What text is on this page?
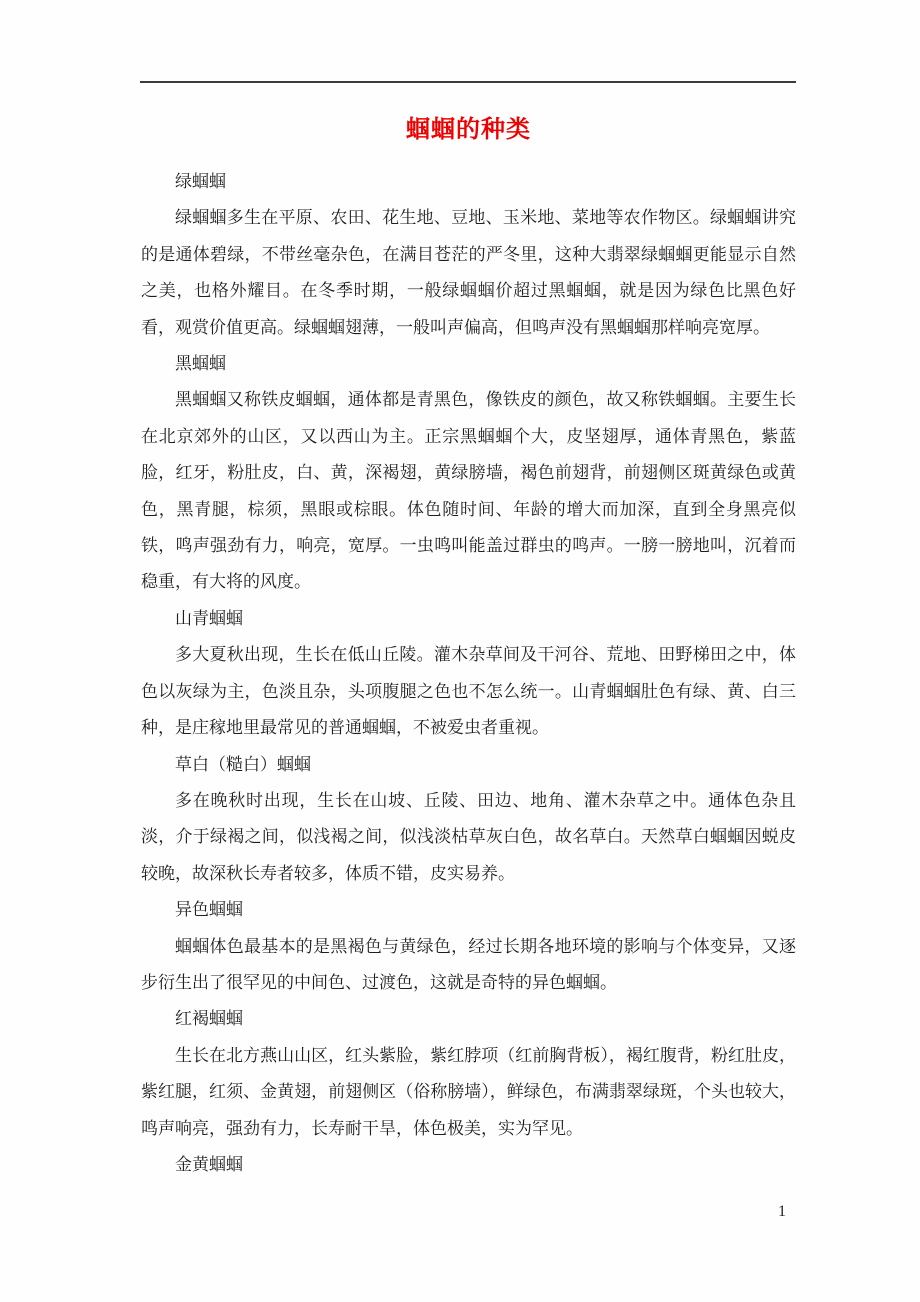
蝈蝈的种类
绿蝈蝈

绿蝈蝈多生在平原、农田、花生地、豆地、玉米地、菜地等农作物区。绿蝈蝈讲究的是通体碧绿，不带丝毫杂色，在满目苍茫的严冬里，这种大翡翠绿蝈蝈更能显示自然之美，也格外耀目。在冬季时期，一般绿蝈蝈价超过黑蝈蝈，就是因为绿色比黑色好看，观赏价值更高。绿蝈蝈翅薄，一般叫声偏高，但鸣声没有黑蝈蝈那样响亮宽厚。

黑蝈蝈

黑蝈蝈又称铁皮蝈蝈，通体都是青黑色，像铁皮的颜色，故又称铁蝈蝈。主要生长在北京郊外的山区，又以西山为主。正宗黑蝈蝈个大，皮坚翅厚，通体青黑色，紫蓝脸，红牙，粉肚皮，白、黄，深褐翅，黄绿膀墙，褐色前翅背，前翅侧区斑黄绿色或黄色，黑青腿，棕须，黑眼或棕眼。体色随时间、年龄的增大而加深，直到全身黑亮似铁，鸣声强劲有力，响亮，宽厚。一虫鸣叫能盖过群虫的鸣声。一膀一膀地叫，沉着而稳重，有大将的风度。

山青蝈蝈

多大夏秋出现，生长在低山丘陵。灌木杂草间及干河谷、荒地、田野梯田之中，体色以灰绿为主，色淡且杂，头项腹腿之色也不怎么统一。山青蝈蝈肚色有绿、黄、白三种，是庄稼地里最常见的普通蝈蝈，不被爱虫者重视。

草白（糙白）蝈蝈

多在晚秋时出现，生长在山坡、丘陵、田边、地角、灌木杂草之中。通体色杂且淡，介于绿褐之间，似浅褐之间，似浅淡枯草灰白色，故名草白。天然草白蝈蝈因蜕皮较晚，故深秋长寿者较多，体质不错，皮实易养。

异色蝈蝈

蝈蝈体色最基本的是黑褐色与黄绿色，经过长期各地环境的影响与个体变异，又逐步衍生出了很罕见的中间色、过渡色，这就是奇特的异色蝈蝈。

红褐蝈蝈

生长在北方燕山山区，红头紫脸，紫红脖项（红前胸背板），褐红腹背，粉红肚皮，紫红腿，红须、金黄翅，前翅侧区（俗称膀墙），鲜绿色，布满翡翠绿斑，个头也较大，鸣声响亮，强劲有力，长寿耐干旱，体色极美，实为罕见。

金黄蝈蝈

1
